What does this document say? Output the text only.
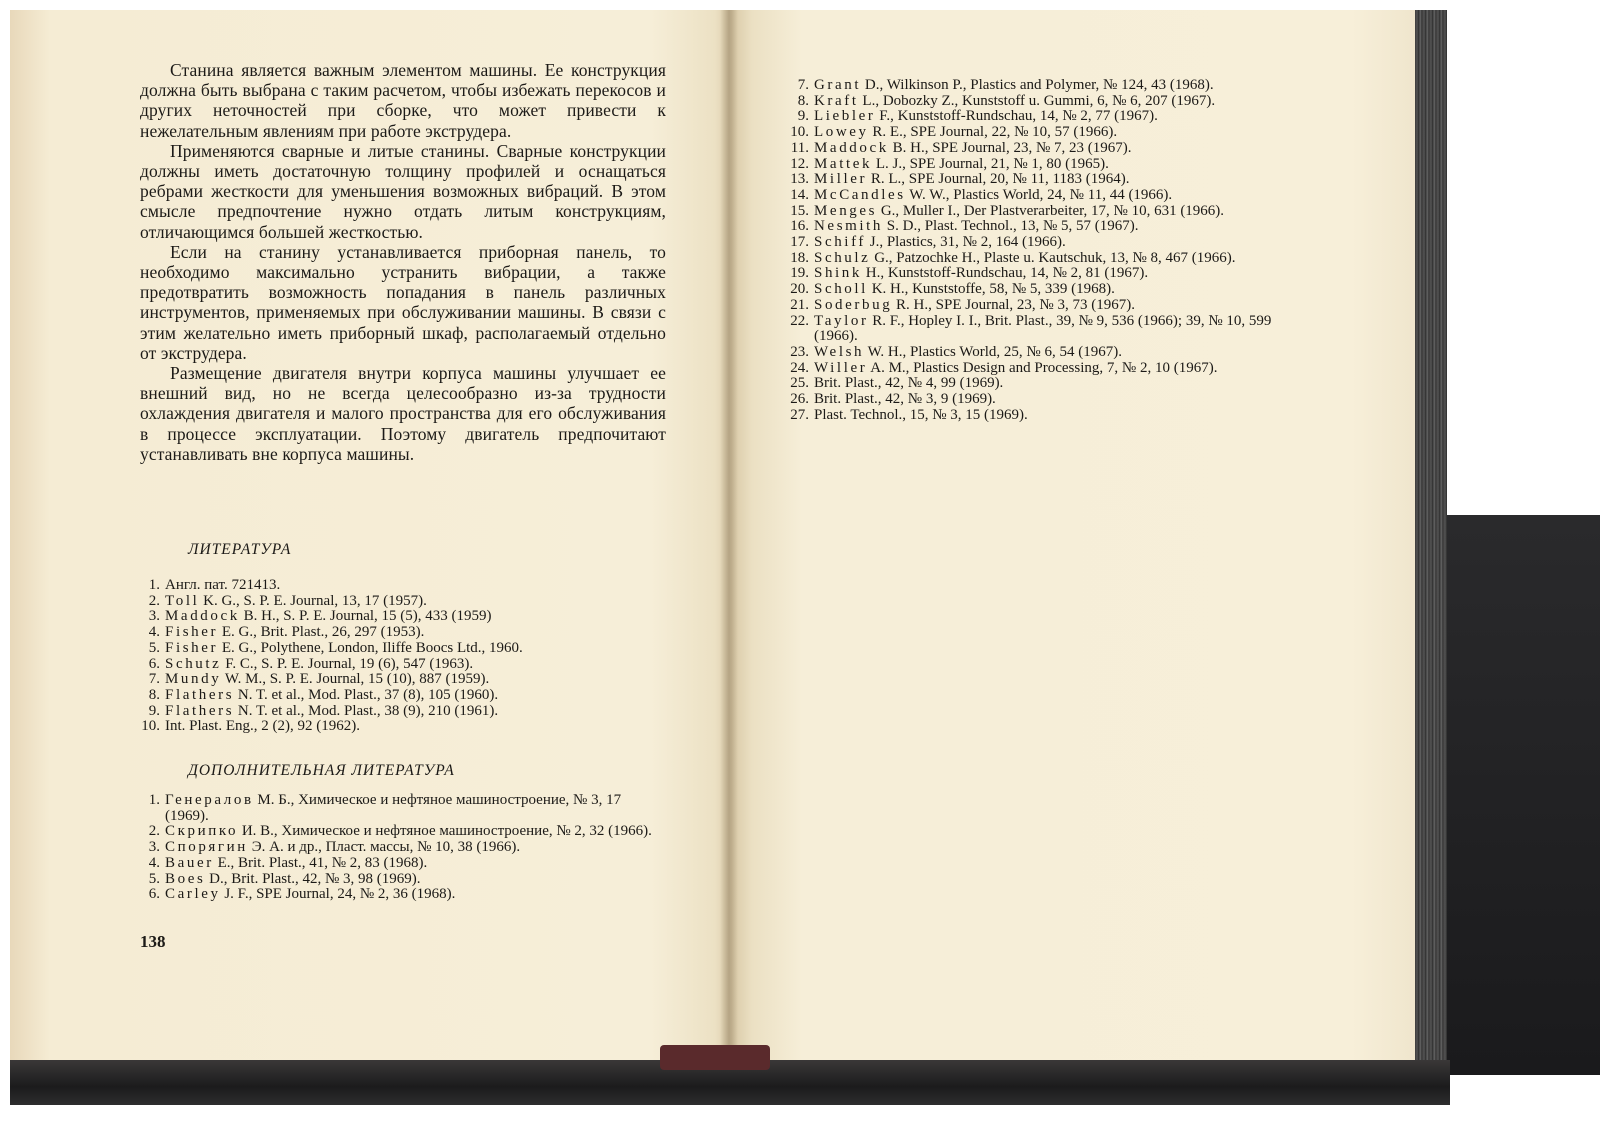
Станина является важным элементом машины. Ее конструкция должна быть выбрана с таким расчетом, чтобы избежать перекосов и других неточностей при сборке, что может привести к нежелательным явлениям при работе экструдера.

Применяются сварные и литые станины. Сварные конструкции должны иметь достаточную толщину профилей и оснащаться ребрами жесткости для уменьшения возможных вибраций. В этом смысле предпочтение нужно отдать литым конструкциям, отличающимся большей жесткостью.

Если на станину устанавливается приборная панель, то необходимо максимально устранить вибрации, а также предотвратить возможность попадания в панель различных инструментов, применяемых при обслуживании машины. В связи с этим желательно иметь приборный шкаф, располагаемый отдельно от экструдера.

Размещение двигателя внутри корпуса машины улучшает ее внешний вид, но не всегда целесообразно из-за трудности охлаждения двигателя и малого пространства для его обслуживания в процессе эксплуатации. Поэтому двигатель предпочитают устанавливать вне корпуса машины.

ЛИТЕРАТУРА
1. Англ. пат. 721413.
2. Toll K. G., S. P. E. Journal, 13, 17 (1957).
3. Maddock B. H., S. P. E. Journal, 15 (5), 433 (1959)
4. Fisher E. G., Brit. Plast., 26, 297 (1953).
5. Fisher E. G., Polythene, London, Iliffe Boocs Ltd., 1960.
6. Schutz F. C., S. P. E. Journal, 19 (6), 547 (1963).
7. Mundy W. M., S. P. E. Journal, 15 (10), 887 (1959).
8. Flathers N. T. et al., Mod. Plast., 37 (8), 105 (1960).
9. Flathers N. T. et al., Mod. Plast., 38 (9), 210 (1961).
10. Int. Plast. Eng., 2 (2), 92 (1962).
ДОПОЛНИТЕЛЬНАЯ ЛИТЕРАТУРА
1. Генералов М. Б., Химическое и нефтяное машиностроение, № 3, 17 (1969).
2. Скрипко И. В., Химическое и нефтяное машиностроение, № 2, 32 (1966).
3. Спорягин Э. А. и др., Пласт. массы, № 10, 38 (1966).
4. Bauer E., Brit. Plast., 41, № 2, 83 (1968).
5. Boes D., Brit. Plast., 42, № 3, 98 (1969).
6. Carley J. F., SPE Journal, 24, № 2, 36 (1968).
138
7. Grant D., Wilkinson P., Plastics and Polymer, № 124, 43 (1968).
8. Kraft L., Dobozky Z., Kunststoff u. Gummi, 6, № 6, 207 (1967).
9. Liebler F., Kunststoff-Rundschau, 14, № 2, 77 (1967).
10. Lowey R. E., SPE Journal, 22, № 10, 57 (1966).
11. Maddock B. H., SPE Journal, 23, № 7, 23 (1967).
12. Mattek L. J., SPE Journal, 21, № 1, 80 (1965).
13. Miller R. L., SPE Journal, 20, № 11, 1183 (1964).
14. McCandles W. W., Plastics World, 24, № 11, 44 (1966).
15. Menges G., Muller I., Der Plastverarbeiter, 17, № 10, 631 (1966).
16. Nesmith S. D., Plast. Technol., 13, № 5, 57 (1967).
17. Schiff J., Plastics, 31, № 2, 164 (1966).
18. Schulz G., Patzochke H., Plaste u. Kautschuk, 13, № 8, 467 (1966).
19. Shink H., Kunststoff-Rundschau, 14, № 2, 81 (1967).
20. Scholl K. H., Kunststoffe, 58, № 5, 339 (1968).
21. Soderbug R. H., SPE Journal, 23, № 3, 73 (1967).
22. Taylor R. F., Hopley I. I., Brit. Plast., 39, № 9, 536 (1966); 39, № 10, 599 (1966).
23. Welsh W. H., Plastics World, 25, № 6, 54 (1967).
24. Willer A. M., Plastics Design and Processing, 7, № 2, 10 (1967).
25. Brit. Plast., 42, № 4, 99 (1969).
26. Brit. Plast., 42, № 3, 9 (1969).
27. Plast. Technol., 15, № 3, 15 (1969).
